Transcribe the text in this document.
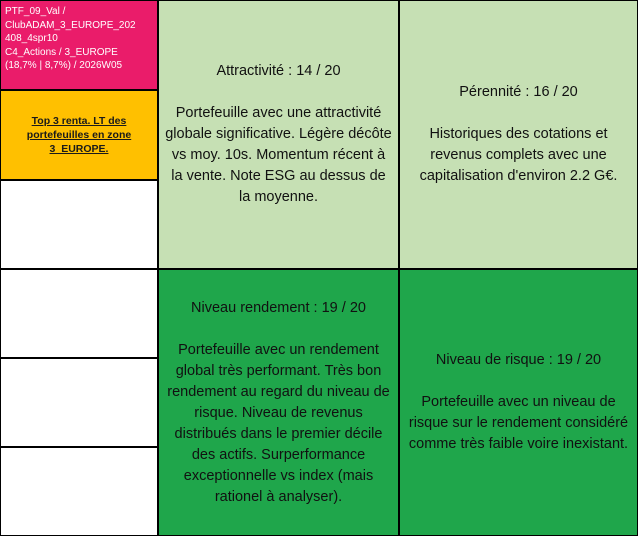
PTF_09_Val /
ClubADAM_3_EUROPE_202
408_4spr10
C4_Actions / 3_EUROPE
(18,7% | 8,7%) / 2026W05
Top 3 renta. LT des portefeuilles en zone 3_EUROPE.
Attractivité : 14 / 20
Portefeuille avec une attractivité globale significative. Légère décôte vs moy. 10s. Momentum récent à la vente. Note ESG au dessus de la moyenne.
Pérennité : 16 / 20
Historiques des cotations et revenus complets avec une capitalisation d'environ 2.2 G€.
Niveau rendement : 19 / 20
Portefeuille avec un rendement global très performant. Très bon rendement au regard du niveau de risque. Niveau de revenus distribués dans le premier décile des actifs. Surperformance exceptionnelle vs index (mais rationel à analyser).
Niveau de risque : 19 / 20
Portefeuille avec un niveau de risque sur le rendement considéré comme très faible voire inexistant.
